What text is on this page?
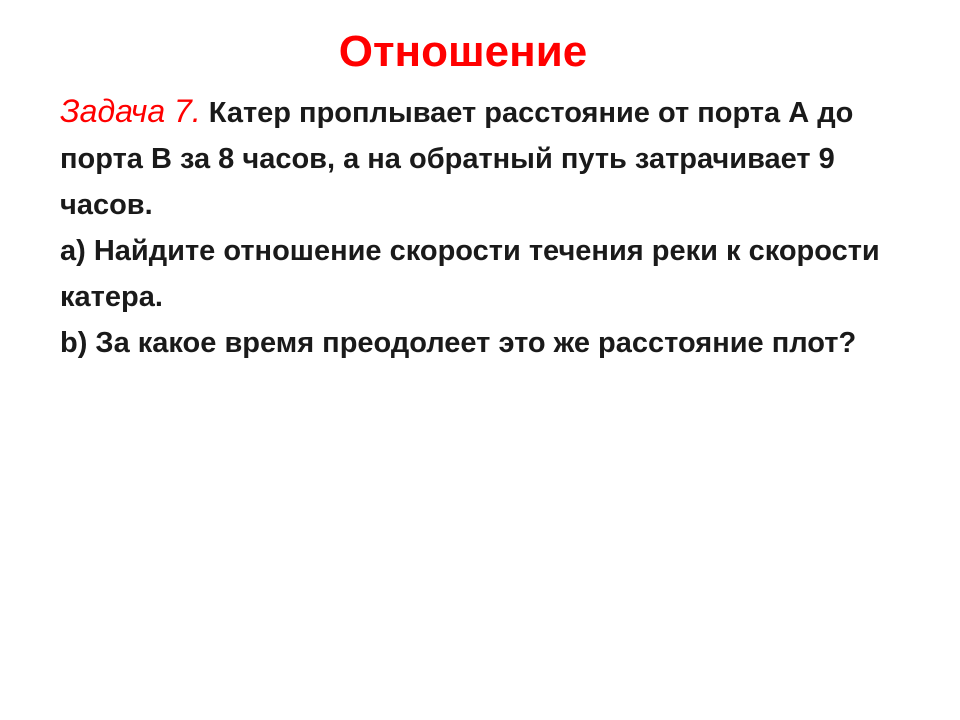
Отношение

Задача 7. Катер проплывает расстояние от порта А до порта В за 8 часов, а на обратный путь затрачивает 9 часов.

a) Найдите отношение скорости течения реки к скорости катера.

b) За какое время преодолеет это же расстояние плот?
